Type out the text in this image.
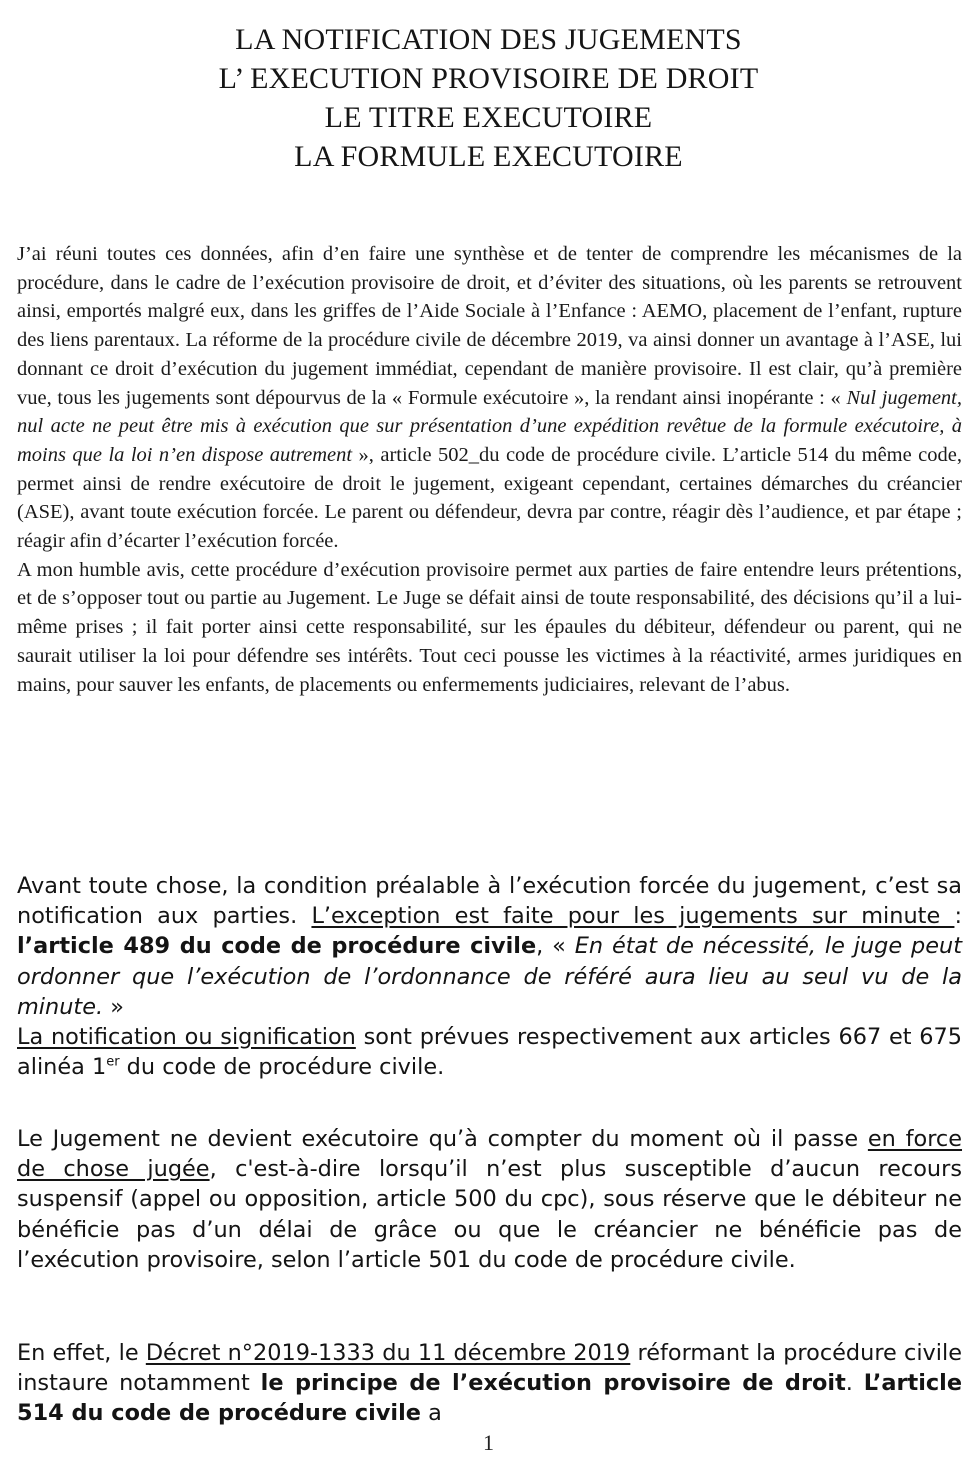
LA NOTIFICATION DES JUGEMENTS
L’ EXECUTION PROVISOIRE DE DROIT
LE TITRE EXECUTOIRE
LA FORMULE EXECUTOIRE

J’ai réuni toutes ces données, afin d’en faire une synthèse et de tenter de comprendre les mécanismes de la procédure, dans le cadre de l’exécution provisoire de droit, et d’éviter des situations, où les parents se retrouvent ainsi, emportés malgré eux, dans les griffes de l’Aide Sociale à l’Enfance : AEMO, placement de l’enfant, rupture des liens parentaux. La réforme de la procédure civile de décembre 2019, va ainsi donner un avantage à l’ASE, lui donnant ce droit d’exécution du jugement immédiat, cependant de manière provisoire. Il est clair, qu’à première vue, tous les jugements sont dépourvus de la « Formule exécutoire », la rendant ainsi inopérante : « Nul jugement, nul acte ne peut être mis à exécution que sur présentation d’une expédition revêtue de la formule exécutoire, à moins que la loi n’en dispose autrement », article 502_du code de procédure civile. L’article 514 du même code, permet ainsi de rendre exécutoire de droit le jugement, exigeant cependant, certaines démarches du créancier (ASE), avant toute exécution forcée. Le parent ou défendeur, devra par contre, réagir dès l’audience, et par étape ; réagir afin d’écarter l’exécution forcée.

A mon humble avis, cette procédure d’exécution provisoire permet aux parties de faire entendre leurs prétentions, et de s’opposer tout ou partie au Jugement. Le Juge se défait ainsi de toute responsabilité, des décisions qu’il a lui-même prises ; il fait porter ainsi cette responsabilité, sur les épaules du débiteur, défendeur ou parent, qui ne saurait utiliser la loi pour défendre ses intérêts. Tout ceci pousse les victimes à la réactivité, armes juridiques en mains, pour sauver les enfants, de placements ou enfermements judiciaires, relevant de l’abus.

Avant toute chose, la condition préalable à l’exécution forcée du jugement, c’est sa notification aux parties. L’exception est faite pour les jugements sur minute : l’article 489 du code de procédure civile, « En état de nécessité, le juge peut ordonner que l’exécution de l’ordonnance de référé aura lieu au seul vu de la minute. »

La notification ou signification sont prévues respectivement aux articles 667 et 675 alinéa 1er du code de procédure civile.

Le Jugement ne devient exécutoire qu’à compter du moment où il passe en force de chose jugée, c'est-à-dire lorsqu’il n’est plus susceptible d’aucun recours suspensif (appel ou opposition, article 500 du cpc), sous réserve que le débiteur ne bénéficie pas d’un délai de grâce ou que le créancier ne bénéficie pas de l’exécution provisoire, selon l’article 501 du code de procédure civile.

En effet, le Décret n°2019-1333 du 11 décembre 2019 réformant la procédure civile instaure notamment le principe de l’exécution provisoire de droit. L’article 514 du code de procédure civile a

1
